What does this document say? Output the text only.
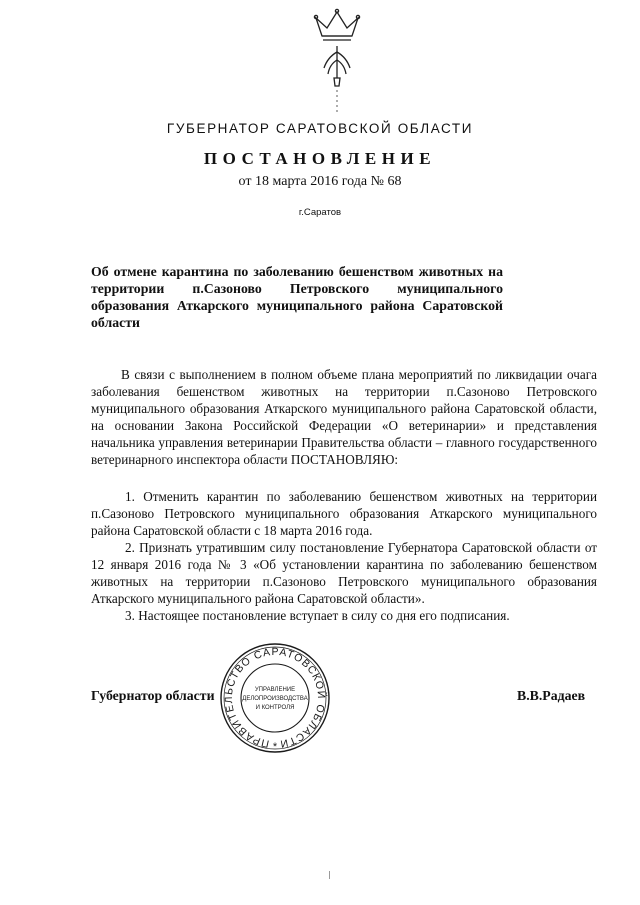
ГУБЕРНАТОР САРАТОВСКОЙ ОБЛАСТИ
ПОСТАНОВЛЕНИЕ
от 18 марта 2016 года № 68
г.Саратов
Об отмене карантина по заболеванию бешенством животных на территории п.Сазоново Петровского муниципального образования Аткарского муниципального района Саратовской области
В связи с выполнением в полном объеме плана мероприятий по ликвидации очага заболевания бешенством животных на территории п.Сазоново Петровского муниципального образования Аткарского муниципального района Саратовской области, на основании Закона Российской Федерации «О ветеринарии» и представления начальника управления ветеринарии Правительства области – главного государственного ветеринарного инспектора области ПОСТАНОВЛЯЮ:
1. Отменить карантин по заболеванию бешенством животных на территории п.Сазоново Петровского муниципального образования Аткарского муниципального района Саратовской области с 18 марта 2016 года.
2. Признать утратившим силу постановление Губернатора Саратовской области от 12 января 2016 года № 3 «Об установлении карантина по заболеванию бешенством животных на территории п.Сазоново Петровского муниципального образования Аткарского муниципального района Саратовской области».
3. Настоящее постановление вступает в силу со дня его подписания.
ПРАВИТЕЛЬСТВО САРАТОВСКОЙ ОБЛАСТИ
УПРАВЛЕНИЕ
ДЕЛОПРОИЗВОДСТВА
И КОНТРОЛЯ
*
Губернатор области	В.В.Радаев
